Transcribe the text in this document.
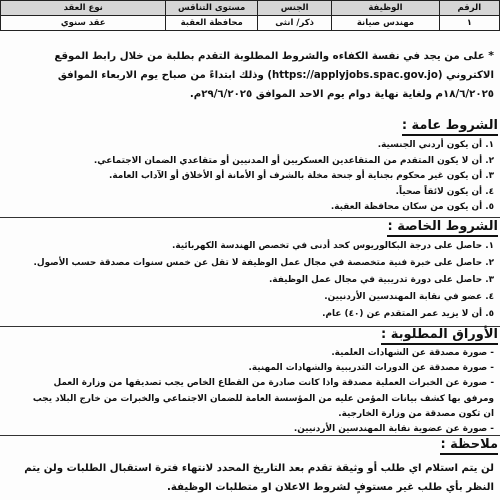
الرقم	الوظيفة	الجنس	مستوى التناقس	نوع العقد
١	مهندس صيانة	ذكر/ انثى	محافظة العقبة	عقد سنوي

* على من يجد في نفسة الكفاءه والشروط المطلوبة التقدم بطلبة من خلال رابط الموقع الاكتروني (https://applyjobs.spac.gov.jo) وذلك ابتداءً من صباح يوم الاربعاء الموافق ١٨/٦/٢٠٢٥م ولغاية نهاية دوام يوم الاحد الموافق ٢٩/٦/٢٠٢٥م.

الشروط عامة :
١. أن يكون أردني الجنسية.
٢. أن لا يكون المتقدم من المتقاعدين العسكريين أو المدنيين أو متقاعدي الضمان الاجتماعي.
٣. أن يكون غير محكوم بجناية أو جنحة مخلة بالشرف أو الأمانة أو الأخلاق أو الآداب العامة.
٤. أن يكون لائقاً صحياً.
٥. أن يكون من سكان محافظة العقبة.
الشروط الخاصة :
١. حاصل على درجة البكالوريوس كحد أدنى في تخصص الهندسة الكهربائية.
٢. حاصل على خبرة فنية متخصصة في مجال عمل الوظيفة لا تقل عن خمس سنوات مصدقة حسب الأصول.
٣. حاصل على دورة تدريبية في مجال عمل الوظيفة.
٤. عضو في نقابة المهندسين الأردنيين.
٥. أن لا يزيد عمر المتقدم عن (٤٠) عام.
الأوراق المطلوبة :
- صورة مصدقة عن الشهادات العلمية.
- صورة مصدقة عن الدورات التدريبية والشهادات المهنية.
- صورة عن الخبرات العملية مصدقة واذا كانت صادرة من القطاع الخاص يجب تصديقها من وزارة العمل
ومرفق بها كشف بيانات المؤمن عليه من المؤسسة العامة للضمان الاجتماعي والخبرات من خارج البلاد يجب
ان تكون مصدقة من وزارة الخارجية.
- صورة عن عضوية نقابة المهندسين الأردنيين.
ملاحظة :

لن يتم استلام اي طلب أو وثيقة تقدم بعد التاريخ المحدد لانتهاء فترة استقبال الطلبات ولن يتم النظر بأي طلب غير مستوفٍ لشروط الاعلان او متطلبات الوظيفة.
